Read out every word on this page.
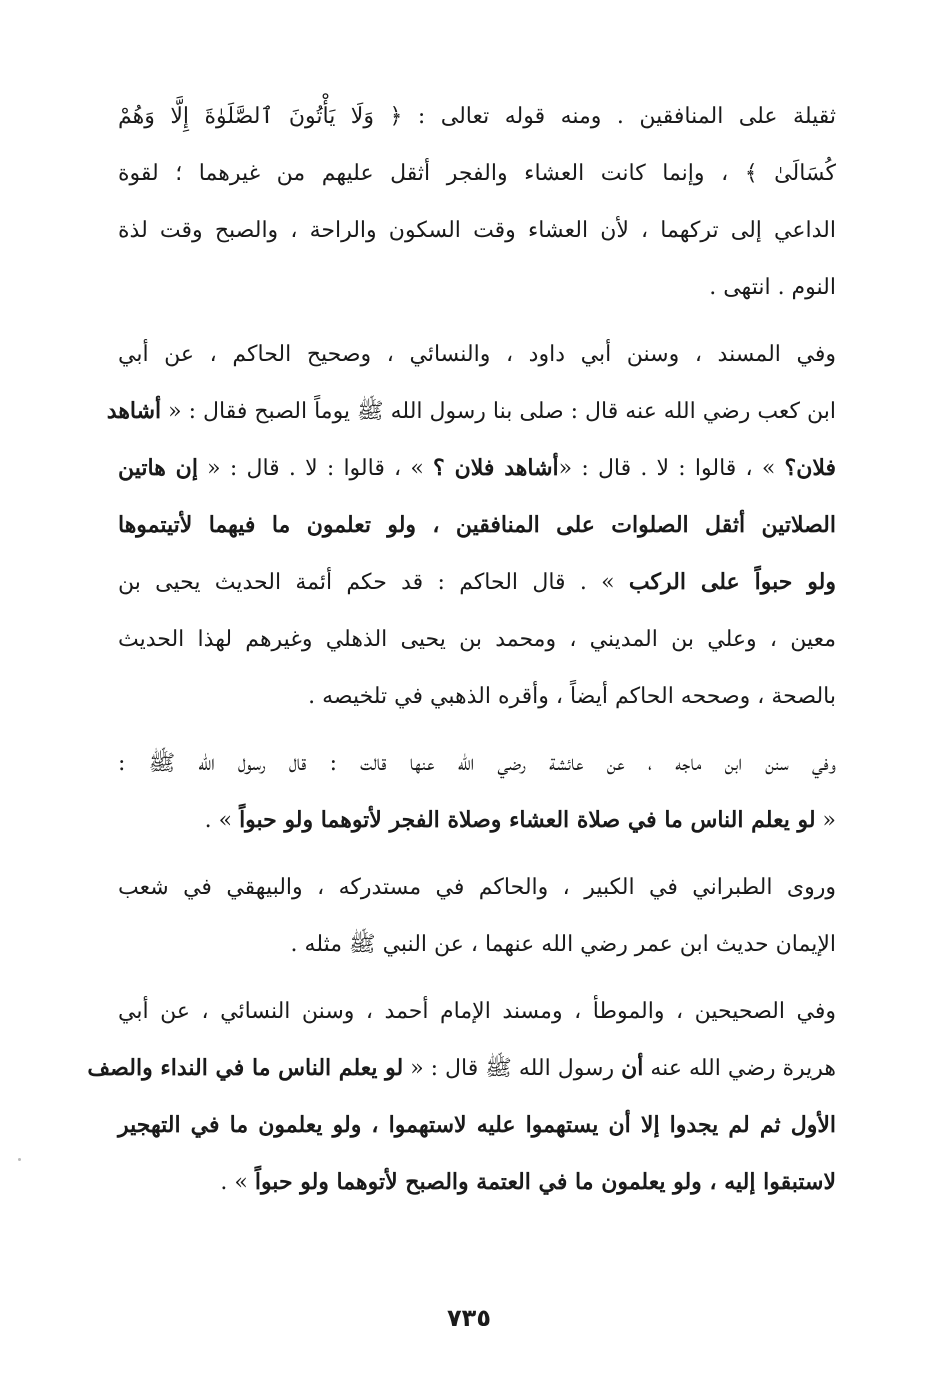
ثقيلة على المنافقين . ومنه قوله تعالى : ﴿ وَلَا يَأْتُونَ ٱلصَّلَوٰةَ إِلَّا وَهُمْ
كُسَالَىٰ ﴾ ، وإنما كانت العشاء والفجر أثقل عليهم من غيرهما ؛ لقوة
الداعي إلى تركهما ، لأن العشاء وقت السكون والراحة ، والصبح وقت لذة
النوم . انتهى .
وفي المسند ، وسنن أبي داود ، والنسائي ، وصحيح الحاكم ، عن أبي
ابن كعب رضي الله عنه قال : صلى بنا رسول الله ﷺ يوماً الصبح فقال : « أشاهد
فلان؟ » ، قالوا : لا . قال : «أشاهد فلان ؟ » ، قالوا : لا . قال : « إن هاتين
الصلاتين أثقل الصلوات على المنافقين ، ولو تعلمون ما فيهما لأتيتموها
ولو حبواً على الركب » . قال الحاكم : قد حكم أئمة الحديث يحيى بن
معين ، وعلي بن المديني ، ومحمد بن يحيى الذهلي وغيرهم لهذا الحديث
بالصحة ، وصححه الحاكم أيضاً ، وأقره الذهبي في تلخيصه .
وفي سنن ابن ماجه ، عن عائشة رضي الله عنها قالت : قال رسول الله ﷺ :
« لو يعلم الناس ما في صلاة العشاء وصلاة الفجر لأتوهما ولو حبواً » .
وروى الطبراني في الكبير ، والحاكم في مستدركه ، والبيهقي في شعب
الإيمان حديث ابن عمر رضي الله عنهما ، عن النبي ﷺ مثله .
وفي الصحيحين ، والموطأ ، ومسند الإمام أحمد ، وسنن النسائي ، عن أبي
هريرة رضي الله عنه أن رسول الله ﷺ قال : « لو يعلم الناس ما في النداء والصف
الأول ثم لم يجدوا إلا أن يستهموا عليه لاستهموا ، ولو يعلمون ما في التهجير
لاستبقوا إليه ، ولو يعلمون ما في العتمة والصبح لأتوهما ولو حبواً » .
٧٣٥
